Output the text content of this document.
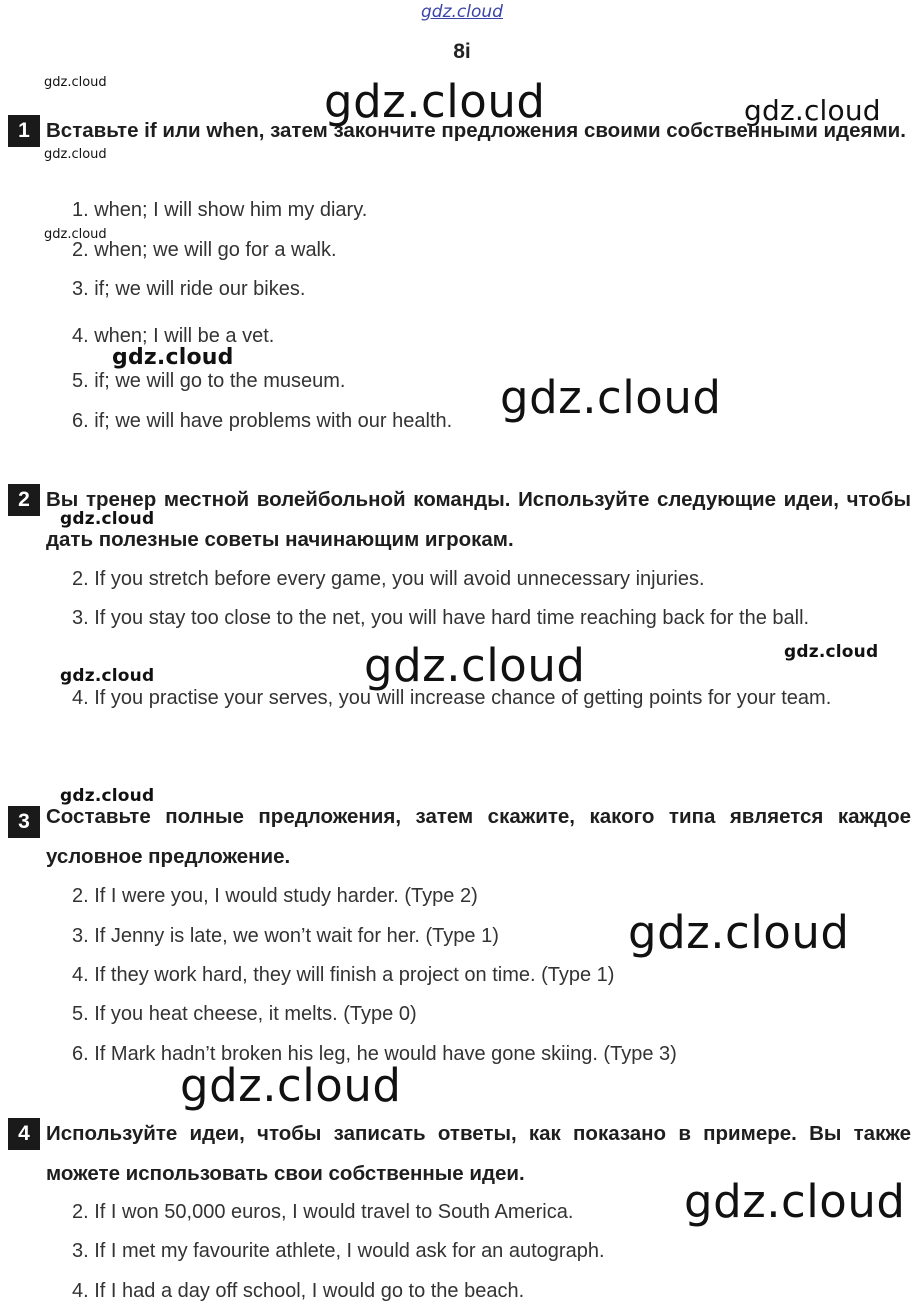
gdz.cloud
8i
1 Вставьте if или when, затем закончите предложения своими собственными идеями.
1. when; I will show him my diary.
2. when; we will go for a walk.
3. if; we will ride our bikes.
4. when; I will be a vet.
5. if; we will go to the museum.
6. if; we will have problems with our health.
2 Вы тренер местной волейбольной команды. Используйте следующие идеи, чтобы дать полезные советы начинающим игрокам.
2. If you stretch before every game, you will avoid unnecessary injuries.
3. If you stay too close to the net, you will have hard time reaching back for the ball.
4. If you practise your serves, you will increase chance of getting points for your team.
3 Составьте полные предложения, затем скажите, какого типа является каждое условное предложение.
2. If I were you, I would study harder. (Type 2)
3. If Jenny is late, we won’t wait for her. (Type 1)
4. If they work hard, they will finish a project on time. (Type 1)
5. If you heat cheese, it melts. (Type 0)
6. If Mark hadn’t broken his leg, he would have gone skiing. (Type 3)
4 Используйте идеи, чтобы записать ответы, как показано в примере. Вы также можете использовать свои собственные идеи.
2. If I won 50,000 euros, I would travel to South America.
3. If I met my favourite athlete, I would ask for an autograph.
4. If I had a day off school, I would go to the beach.
gdz.cloud	gdz.cloud	gdz.cloud
gdz.cloud
gdz.cloud
gdz.cloud
gdz.cloud
gdz.cloud
gdz.cloud	gdz.cloud
gdz.cloud
gdz.cloud
gdz.cloud
gdz.cloud
gdz.cloud
